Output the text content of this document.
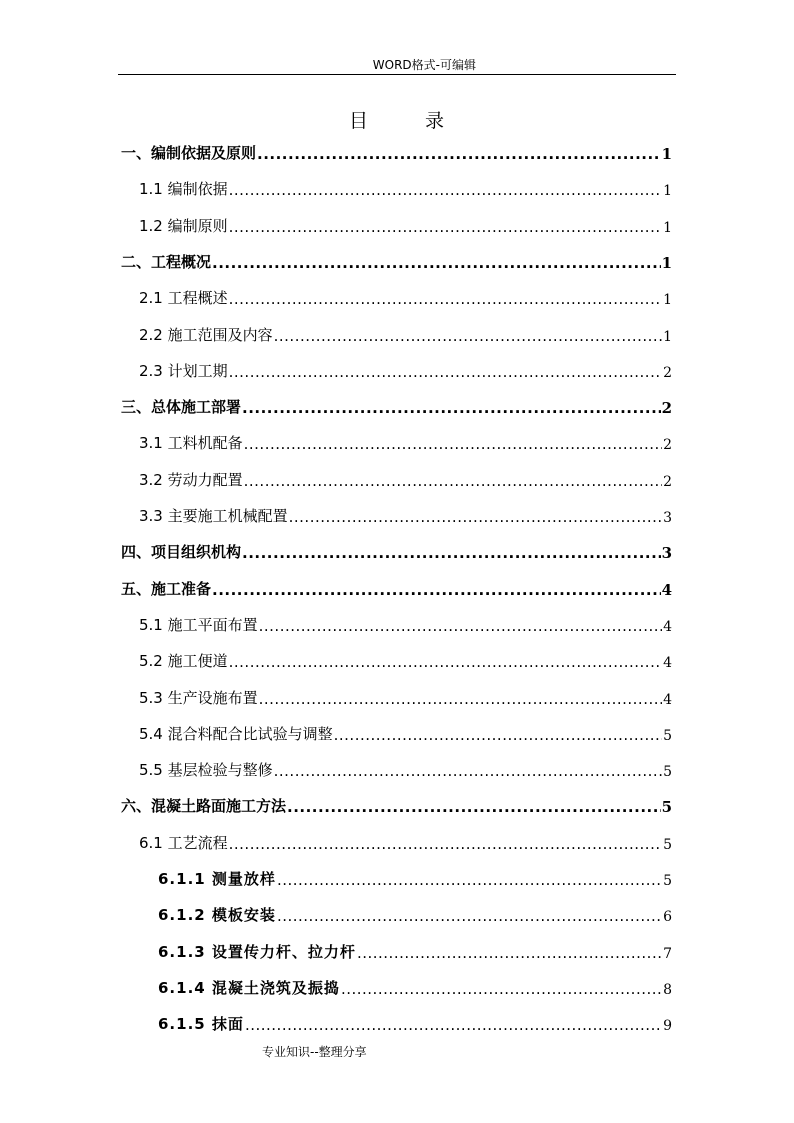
WORD格式-可编辑
目	录
一、编制依据及原则 .....	1
1.1 编制依据 .....	1
1.2 编制原则 .....	1
二、工程概况 .....	1
2.1 工程概述 .....	1
2.2 施工范围及内容 .....	1
2.3 计划工期 .....	2
三、总体施工部署 .....	2
3.1 工料机配备 .....	2
3.2 劳动力配置 .....	2
3.3 主要施工机械配置 .....	3
四、项目组织机构 .....	3
五、施工准备 .....	4
5.1 施工平面布置 .....	4
5.2 施工便道 .....	4
5.3 生产设施布置 .....	4
5.4 混合料配合比试验与调整 .....	5
5.5 基层检验与整修 .....	5
六、混凝土路面施工方法 .....	5
6.1 工艺流程 .....	5
6.1.1 测量放样 .....	5
6.1.2 模板安装 .....	6
6.1.3 设置传力杆、拉力杆 .....	7
6.1.4 混凝土浇筑及振捣 .....	8
6.1.5 抹面 .....	9
专业知识--整理分享
